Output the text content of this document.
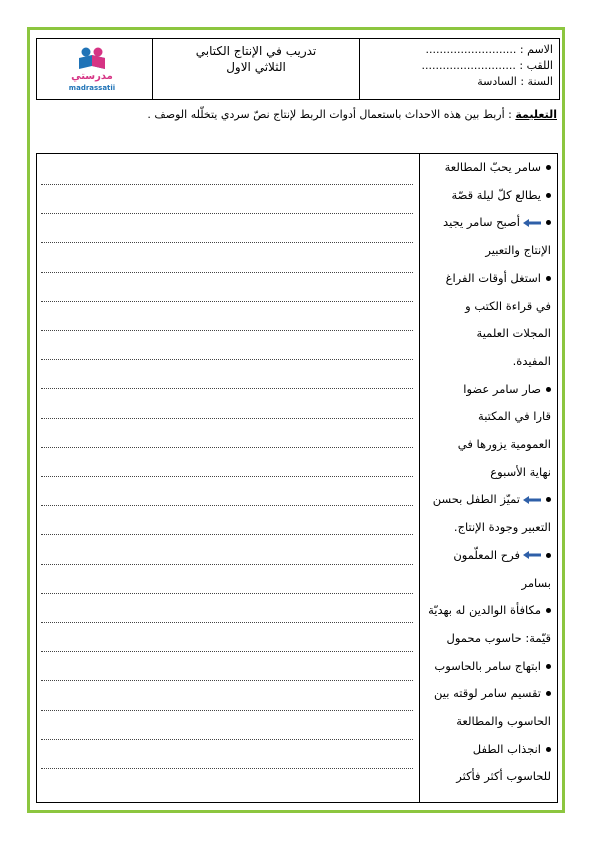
الاسم : ..........................
اللقب : ...........................
السنة : السادسة
تدريب في الإنتاج الكتابي
الثلاثي الاول
مدرستي
madrassatii
التعليمة : أربط بين هذه الاحداث باستعمال أدوات الربط لإنتاج نصّ سردي يتخلّله الوصف .
سامر يحبّ المطالعة
يطالع كلّ ليلة قصّة
أصبح سامر يجيد
الإنتاج والتعبير
استغل أوقات الفراغ
في قراءة الكتب و
المجلات العلمية
المفيدة.
صار سامر عضوا
قارا في المكتبة
العمومية يزورها في
نهاية الأسبوع
تميّز الطفل بحسن
التعبير وجودة الإنتاج.
فرح المعلّمون
بسامر
مكافأة الوالدين له بهديّة
قيّمة: حاسوب محمول
ابتهاج سامر بالحاسوب
تقسيم سامر لوقته بين
الحاسوب والمطالعة
انجذاب الطفل
للحاسوب أكثر فأكثر
